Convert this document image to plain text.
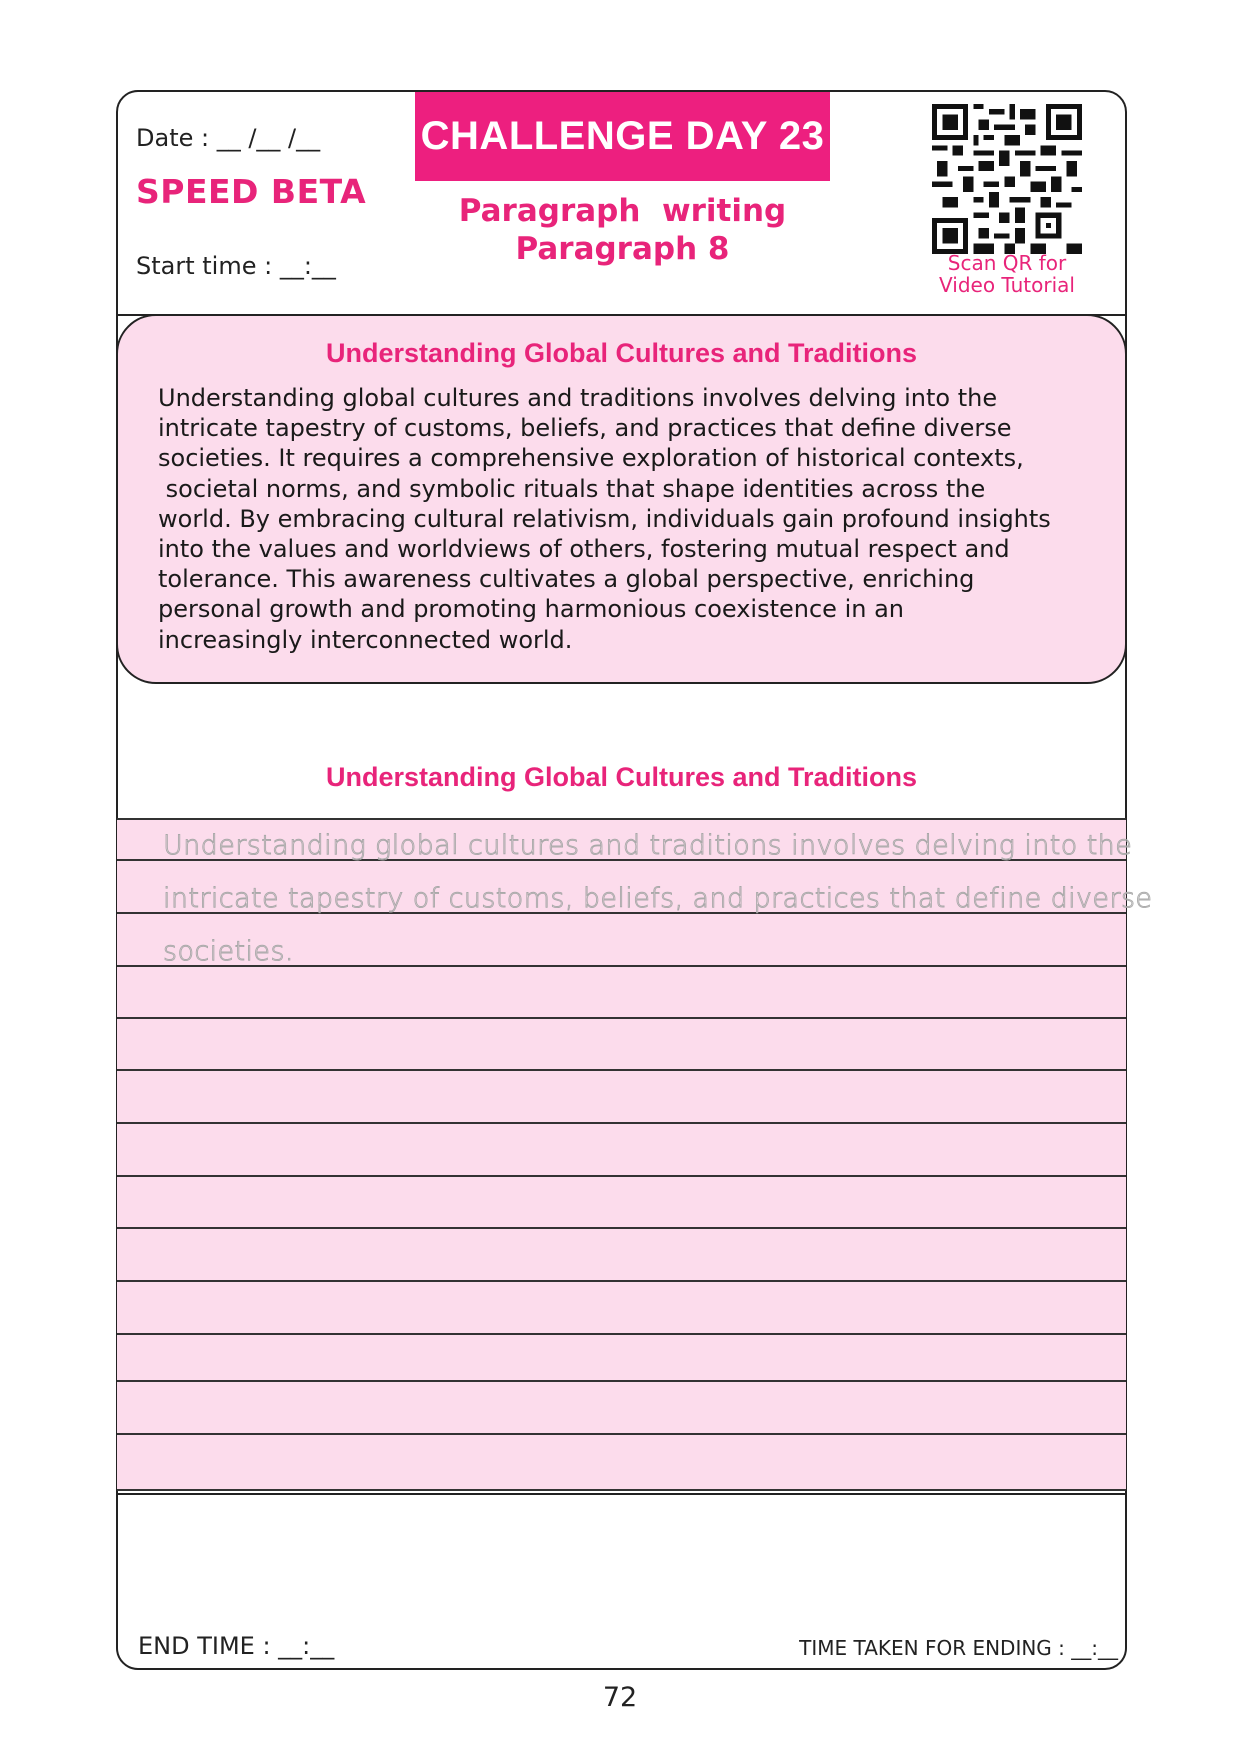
Date : __ /__ /__
SPEED BETA
Start time : __:__
CHALLENGE DAY 23
Paragraph  writing
Paragraph 8	Scan QR for
Video Tutorial
Understanding Global Cultures and Traditions

Understanding global cultures and traditions involves delving into the

intricate tapestry of customs, beliefs, and practices that define diverse

societies. It requires a comprehensive exploration of historical contexts,

societal norms, and symbolic rituals that shape identities across the

world. By embracing cultural relativism, individuals gain profound insights

into the values and worldviews of others, fostering mutual respect and

tolerance. This awareness cultivates a global perspective, enriching

personal growth and promoting harmonious coexistence in an

increasingly interconnected world.

Understanding Global Cultures and Traditions
Understanding global cultures and traditions involves delving into the
intricate tapestry of customs, beliefs, and practices that define diverse
societies.
END TIME : __:__	TIME TAKEN FOR ENDING : __:__
72
